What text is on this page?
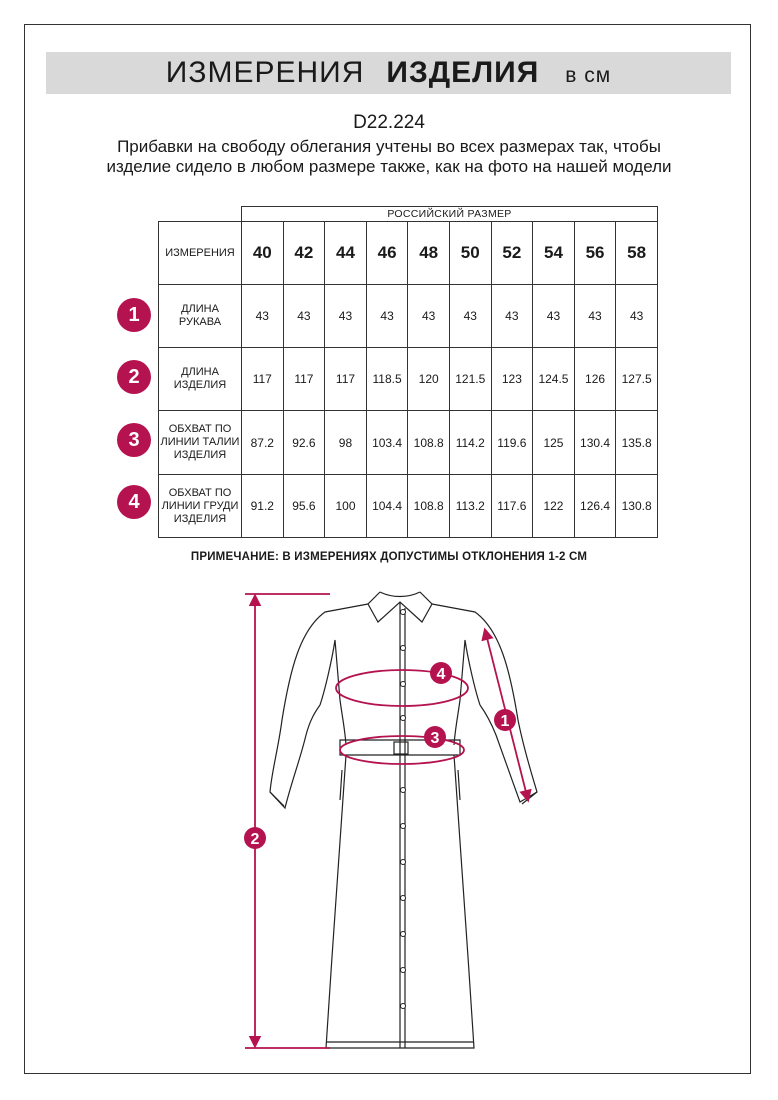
ИЗМЕРЕНИЯ ИЗДЕЛИЯ в см
D22.224
Прибавки на свободу облегания учтены во всех размерах так, чтобы изделие сидело в любом размере также, как на фото на нашей модели
	РОССИЙСКИЙ РАЗМЕР									
ИЗМЕРЕНИЯ	40	42	44	46	48	50	52	54	56	58
ДЛИНА РУКАВА	43	43	43	43	43	43	43	43	43	43
ДЛИНА ИЗДЕЛИЯ	117	117	117	118.5	120	121.5	123	124.5	126	127.5
ОБХВАТ ПО ЛИНИИ ТАЛИИ ИЗДЕЛИЯ	87.2	92.6	98	103.4	108.8	114.2	119.6	125	130.4	135.8
ОБХВАТ ПО ЛИНИИ ГРУДИ ИЗДЕЛИЯ	91.2	95.6	100	104.4	108.8	113.2	117.6	122	126.4	130.8
1
2
3
4
ПРИМЕЧАНИЕ: В ИЗМЕРЕНИЯХ ДОПУСТИМЫ ОТКЛОНЕНИЯ 1-2 СМ
1
2
3
4
